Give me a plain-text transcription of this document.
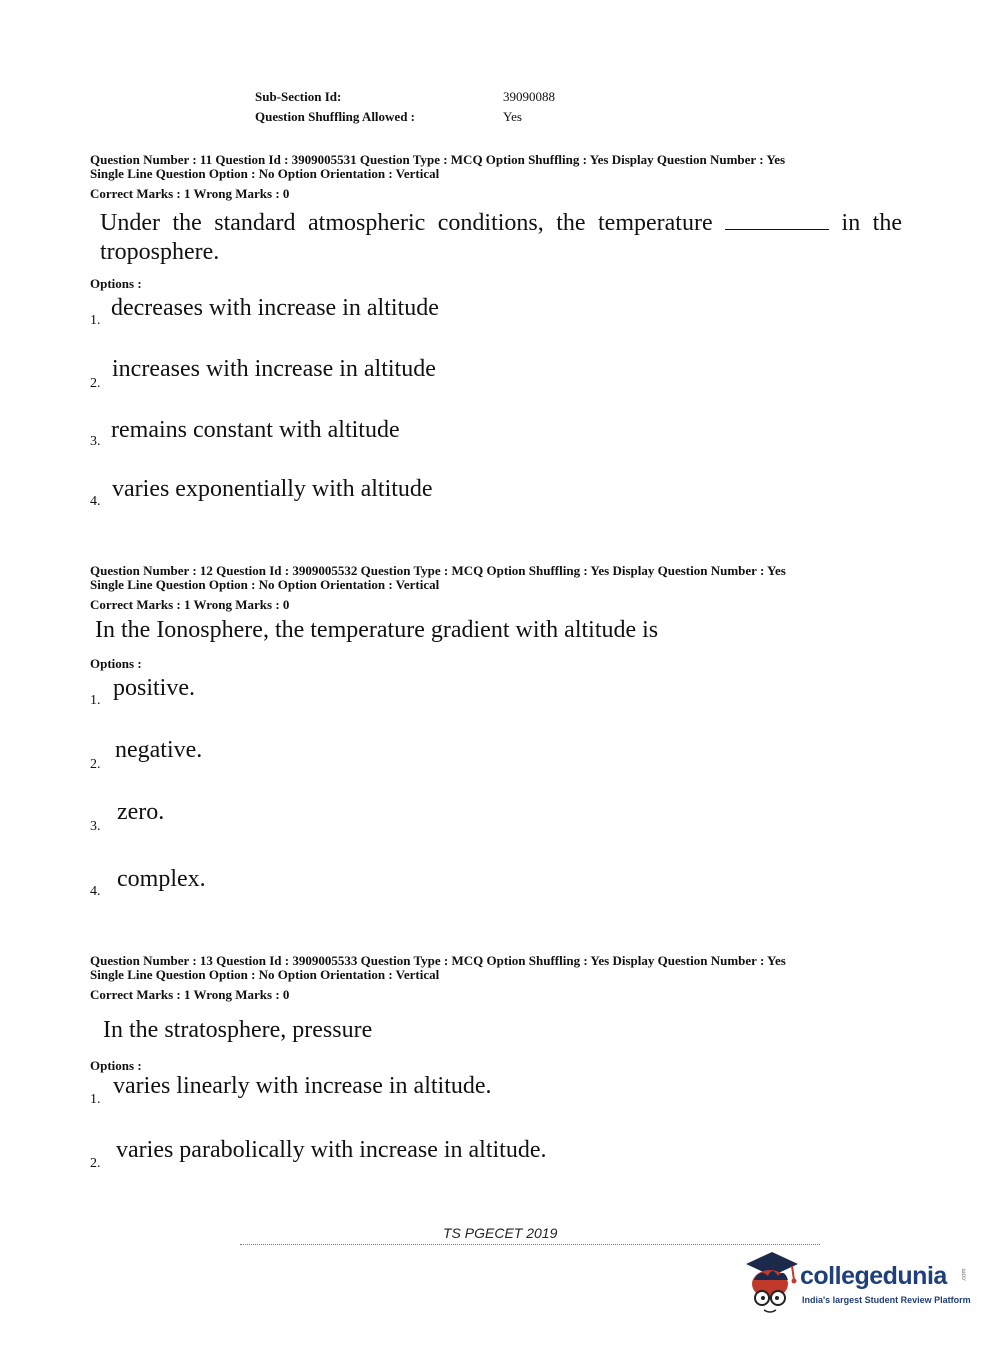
Sub-Section Id:	39090088
Question Shuffling Allowed :	Yes
Question Number : 11 Question Id : 3909005531 Question Type : MCQ Option Shuffling : Yes Display Question Number : Yes
Single Line Question Option : No Option Orientation : Vertical
Correct Marks : 1 Wrong Marks : 0
Under the standard atmospheric conditions, the temperature	in the troposphere.
Options :
1. decreases with increase in altitude
2.
increases with increase in altitude
3. remains constant with altitude
4. varies exponentially with altitude
Question Number : 12 Question Id : 3909005532 Question Type : MCQ Option Shuffling : Yes Display Question Number : Yes
Single Line Question Option : No Option Orientation : Vertical
Correct Marks : 1 Wrong Marks : 0
In the Ionosphere, the temperature gradient with altitude is
Options :
1. positive.
2.
negative.
3.
zero.
4. complex.
Question Number : 13 Question Id : 3909005533 Question Type : MCQ Option Shuffling : Yes Display Question Number : Yes
Single Line Question Option : No Option Orientation : Vertical
Correct Marks : 1 Wrong Marks : 0
In the stratosphere, pressure
Options :
1.
varies linearly with increase in altitude.
2.
varies parabolically with increase in altitude.
TS PGECET 2019
collegedunia .com
India's largest Student Review Platform
